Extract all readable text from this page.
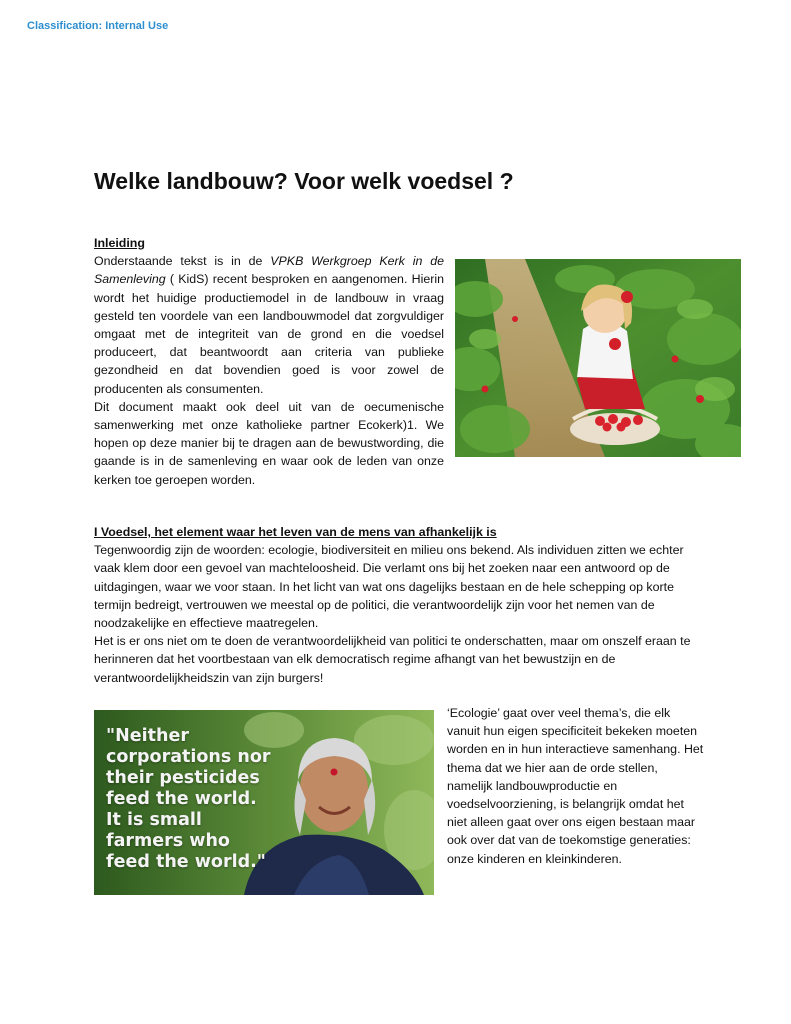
Classification: Internal Use
Welke landbouw? Voor welk voedsel ?
Inleiding
Onderstaande tekst is in de VPKB Werkgroep Kerk in de Samenleving ( KidS) recent besproken en aangenomen. Hierin wordt het huidige productiemodel in de landbouw in vraag gesteld ten voordele van een landbouwmodel dat zorgvuldiger omgaat met de integriteit van de grond en die voedsel produceert, dat beantwoordt aan criteria van publieke gezondheid en dat bovendien goed is voor zowel de producenten als consumenten.
Dit document maakt ook deel uit van de oecumenische samenwerking met onze katholieke partner Ecokerk)1. We hopen op deze manier bij te dragen aan de bewustwording, die gaande is in de samenleving en waar ook de leden van onze kerken toe geroepen worden.
I Voedsel, het element waar het leven van de mens van afhankelijk is
Tegenwoordig zijn de woorden: ecologie, biodiversiteit en milieu ons bekend. Als individuen zitten we echter vaak klem door een gevoel van machteloosheid. Die verlamt ons bij het zoeken naar een antwoord op de uitdagingen, waar we voor staan. In het licht van wat ons dagelijks bestaan en de hele schepping op korte termijn bedreigt, vertrouwen we meestal op de politici, die verantwoordelijk zijn voor het nemen van de noodzakelijke en effectieve maatregelen.
Het is er ons niet om te doen de verantwoordelijkheid van politici te onderschatten, maar om onszelf eraan te herinneren dat het voortbestaan van elk democratisch regime afhangt van het bewustzijn en de verantwoordelijkheidszin van zijn burgers!

"Neither
corporations nor
their pesticides
feed the world.
It is small
farmers who
feed the world."

‘Ecologie’ gaat over veel thema’s, die elk vanuit hun eigen specificiteit bekeken moeten worden en in hun interactieve samenhang. Het thema dat we hier aan de orde stellen, namelijk landbouwproductie en voedselvoorziening, is belangrijk omdat het niet alleen gaat over ons eigen bestaan maar ook over dat van de toekomstige generaties: onze kinderen en kleinkinderen.
